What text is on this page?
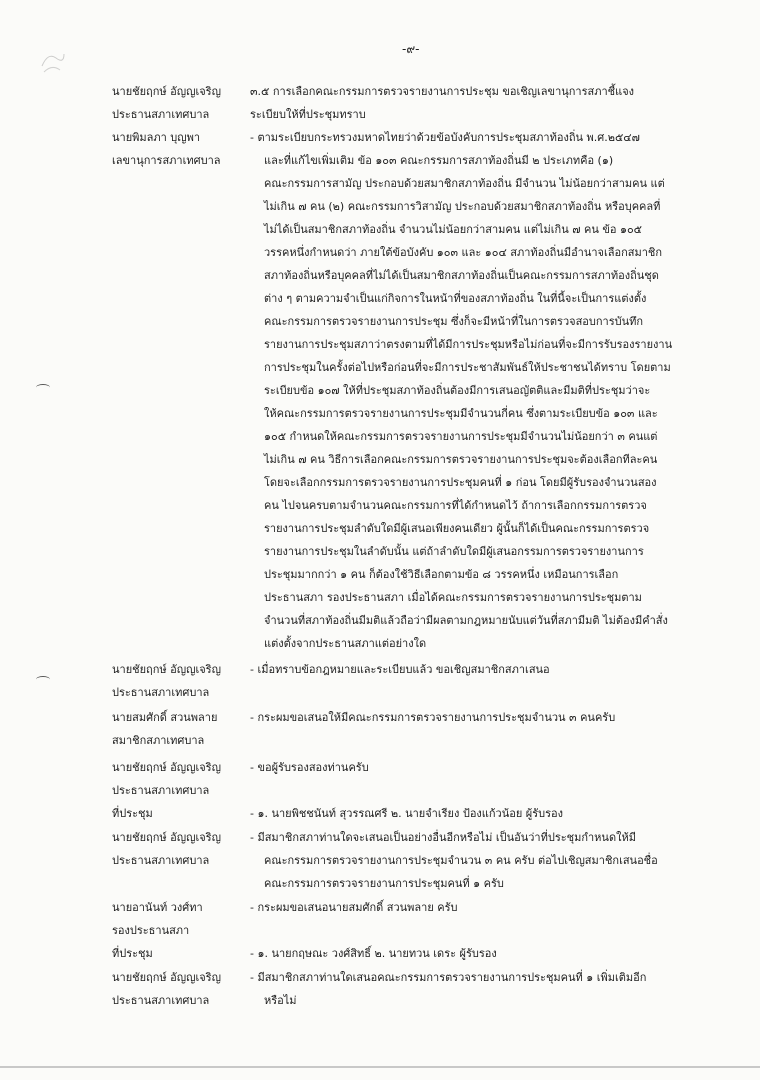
-๙-
นายชัยฤกษ์ อัญญเจริญ
ประธานสภาเทศบาล
๓.๕ การเลือกคณะกรรมการตรวจรายงานการประชุม ขอเชิญเลขานุการสภาชี้แจง
ระเบียบให้ที่ประชุมทราบ
นายพิมลภา บุญพา
เลขานุการสภาเทศบาล
- ตามระเบียบกระทรวงมหาดไทยว่าด้วยข้อบังคับการประชุมสภาท้องถิ่น พ.ศ.๒๕๔๗
และที่แก้ไขเพิ่มเติม ข้อ ๑๐๓ คณะกรรมการสภาท้องถิ่นมี ๒ ประเภทคือ (๑)
คณะกรรมการสามัญ ประกอบด้วยสมาชิกสภาท้องถิ่น มีจำนวน ไม่น้อยกว่าสามคน แต่
ไม่เกิน ๗ คน (๒) คณะกรรมการวิสามัญ ประกอบด้วยสมาชิกสภาท้องถิ่น หรือบุคคลที่
ไม่ได้เป็นสมาชิกสภาท้องถิ่น จำนวนไม่น้อยกว่าสามคน แต่ไม่เกิน ๗ คน ข้อ ๑๐๕
วรรคหนึ่งกำหนดว่า ภายใต้ข้อบังคับ ๑๐๓ และ ๑๐๔ สภาท้องถิ่นมีอำนาจเลือกสมาชิก
สภาท้องถิ่นหรือบุคคลที่ไม่ได้เป็นสมาชิกสภาท้องถิ่นเป็นคณะกรรมการสภาท้องถิ่นชุด
ต่าง ๆ ตามความจำเป็นแก่กิจการในหน้าที่ของสภาท้องถิ่น ในที่นี้จะเป็นการแต่งตั้ง
คณะกรรมการตรวจรายงานการประชุม ซึ่งก็จะมีหน้าที่ในการตรวจสอบการบันทึก
รายงานการประชุมสภาว่าตรงตามที่ได้มีการประชุมหรือไม่ก่อนที่จะมีการรับรองรายงาน
การประชุมในครั้งต่อไปหรือก่อนที่จะมีการประชาสัมพันธ์ให้ประชาชนได้ทราบ โดยตาม
ระเบียบข้อ ๑๐๗ ให้ที่ประชุมสภาท้องถิ่นต้องมีการเสนอญัตติและมีมติที่ประชุมว่าจะ
ให้คณะกรรมการตรวจรายงานการประชุมมีจำนวนกี่คน ซึ่งตามระเบียบข้อ ๑๐๓ และ
๑๐๕ กำหนดให้คณะกรรมการตรวจรายงานการประชุมมีจำนวนไม่น้อยกว่า ๓ คนแต่
ไม่เกิน ๗ คน วิธีการเลือกคณะกรรมการตรวจรายงานการประชุมจะต้องเลือกทีละคน
โดยจะเลือกกรรมการตรวจรายงานการประชุมคนที่ ๑ ก่อน โดยมีผู้รับรองจำนวนสอง
คน ไปจนครบตามจำนวนคณะกรรมการที่ได้กำหนดไว้ ถ้าการเลือกกรรมการตรวจ
รายงานการประชุมลำดับใดมีผู้เสนอเพียงคนเดียว ผู้นั้นก็ได้เป็นคณะกรรมการตรวจ
รายงานการประชุมในลำดับนั้น แต่ถ้าลำดับใดมีผู้เสนอกรรมการตรวจรายงานการ
ประชุมมากกว่า ๑ คน ก็ต้องใช้วิธีเลือกตามข้อ ๘ วรรคหนึ่ง เหมือนการเลือก
ประธานสภา รองประธานสภา เมื่อได้คณะกรรมการตรวจรายงานการประชุมตาม
จำนวนที่สภาท้องถิ่นมีมติแล้วถือว่ามีผลตามกฎหมายนับแต่วันที่สภามีมติ ไม่ต้องมีคำสั่ง
แต่งตั้งจากประธานสภาแต่อย่างใด
นายชัยฤกษ์ อัญญเจริญ
ประธานสภาเทศบาล
- เมื่อทราบข้อกฎหมายและระเบียบแล้ว ขอเชิญสมาชิกสภาเสนอ
นายสมศักดิ์ สวนพลาย
สมาชิกสภาเทศบาล
- กระผมขอเสนอให้มีคณะกรรมการตรวจรายงานการประชุมจำนวน ๓ คนครับ
นายชัยฤกษ์ อัญญเจริญ
ประธานสภาเทศบาล
- ขอผู้รับรองสองท่านครับ
ที่ประชุม	- ๑. นายพิชชนันท์ สุวรรณศรี ๒. นายจำเรียง ป้องแก้วน้อย ผู้รับรอง
นายชัยฤกษ์ อัญญเจริญ
ประธานสภาเทศบาล
- มีสมาชิกสภาท่านใดจะเสนอเป็นอย่างอื่นอีกหรือไม่ เป็นอันว่าที่ประชุมกำหนดให้มี
คณะกรรมการตรวจรายงานการประชุมจำนวน ๓ คน ครับ ต่อไปเชิญสมาชิกเสนอชื่อ
คณะกรรมการตรวจรายงานการประชุมคนที่ ๑ ครับ
นายอานันท์ วงศ์ทา
รองประธานสภา
- กระผมขอเสนอนายสมศักดิ์ สวนพลาย ครับ
ที่ประชุม	- ๑. นายกฤษณะ วงศ์สิทธิ์ ๒. นายทวน เดระ ผู้รับรอง
นายชัยฤกษ์ อัญญเจริญ
ประธานสภาเทศบาล
- มีสมาชิกสภาท่านใดเสนอคณะกรรมการตรวจรายงานการประชุมคนที่ ๑ เพิ่มเติมอีก
หรือไม่
